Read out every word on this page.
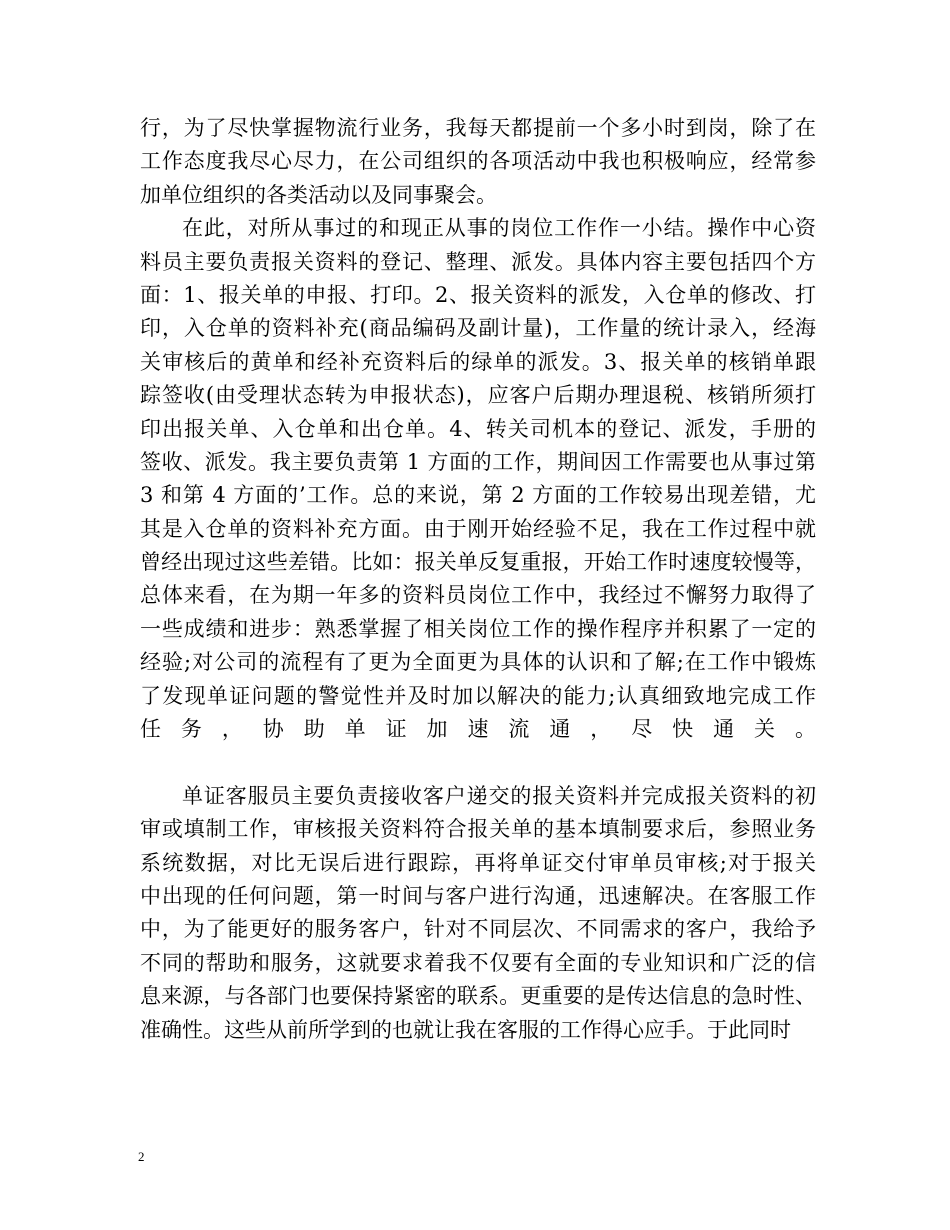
行，为了尽快掌握物流行业务，我每天都提前一个多小时到岗，除了在
工作态度我尽心尽力，在公司组织的各项活动中我也积极响应，经常参
加单位组织的各类活动以及同事聚会。
在此，对所从事过的和现正从事的岗位工作作一小结。操作中心资
料员主要负责报关资料的登记、整理、派发。具体内容主要包括四个方
面：1、报关单的申报、打印。2、报关资料的派发，入仓单的修改、打
印，入仓单的资料补充(商品编码及副计量)，工作量的统计录入，经海
关审核后的黄单和经补充资料后的绿单的派发。3、报关单的核销单跟
踪签收(由受理状态转为申报状态)，应客户后期办理退税、核销所须打
印出报关单、入仓单和出仓单。4、转关司机本的登记、派发，手册的
签收、派发。我主要负责第 1 方面的工作，期间因工作需要也从事过第
3 和第 4 方面的’工作。总的来说，第 2 方面的工作较易出现差错，尤
其是入仓单的资料补充方面。由于刚开始经验不足，我在工作过程中就
曾经出现过这些差错。比如：报关单反复重报，开始工作时速度较慢等，
总体来看，在为期一年多的资料员岗位工作中，我经过不懈努力取得了
一些成绩和进步：熟悉掌握了相关岗位工作的操作程序并积累了一定的
经验;对公司的流程有了更为全面更为具体的认识和了解;在工作中锻炼
了发现单证问题的警觉性并及时加以解决的能力;认真细致地完成工作
任务，协助单证加速流通，尽快通关。
单证客服员主要负责接收客户递交的报关资料并完成报关资料的初
审或填制工作，审核报关资料符合报关单的基本填制要求后，参照业务
系统数据，对比无误后进行跟踪，再将单证交付审单员审核;对于报关
中出现的任何问题，第一时间与客户进行沟通，迅速解决。在客服工作
中，为了能更好的服务客户，针对不同层次、不同需求的客户，我给予
不同的帮助和服务，这就要求着我不仅要有全面的专业知识和广泛的信
息来源，与各部门也要保持紧密的联系。更重要的是传达信息的急时性、
准确性。这些从前所学到的也就让我在客服的工作得心应手。于此同时
2
